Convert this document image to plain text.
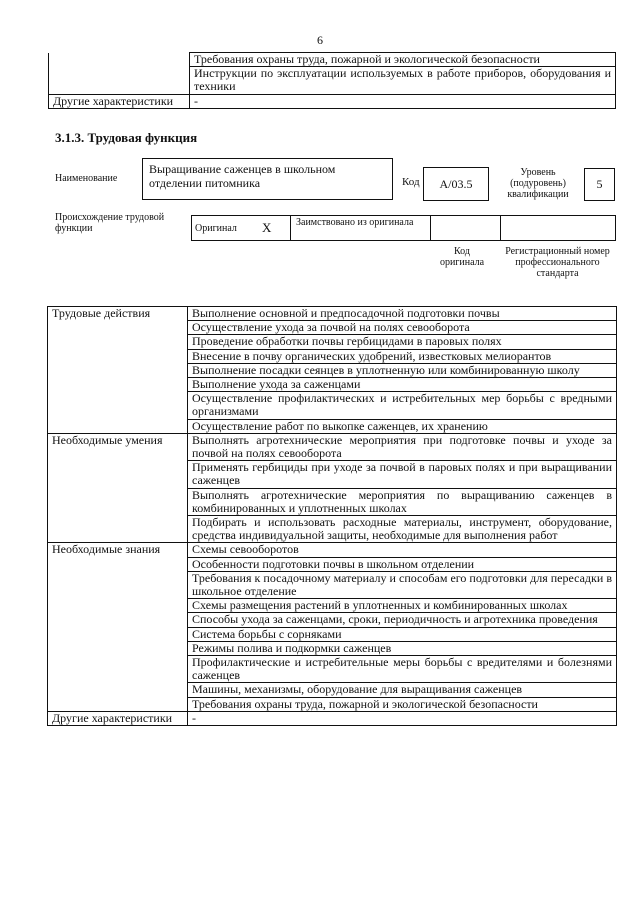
6
	Требования охраны труда, пожарной и экологической безопасности
	Инструкции по эксплуатации используемых в работе приборов, оборудования и техники
Другие характеристики	-
3.1.3. Трудовая функция
Наименование
Выращивание саженцев в школьном отделении питомника	Код	A/03.5
Уровень (подуровень) квалификации
5
Происхождение трудовой функции	Оригинал X Заимствовано из оригинала
Код оригинала
Регистрационный номер профессионального стандарта
Трудовые действия	Выполнение основной и предпосадочной подготовки почвы
	Осуществление ухода за почвой на полях севооборота
	Проведение обработки почвы гербицидами в паровых полях
	Внесение в почву органических удобрений, известковых мелиорантов
	Выполнение посадки сеянцев в уплотненную или комбинированную школу
	Выполнение ухода за саженцами
	Осуществление профилактических и истребительных мер борьбы с вредными организмами
	Осуществление работ по выкопке саженцев, их хранению
Необходимые умения	Выполнять агротехнические мероприятия при подготовке почвы и уходе за почвой на полях севооборота
	Применять гербициды при уходе за почвой в паровых полях и при выращивании саженцев
	Выполнять агротехнические мероприятия по выращиванию саженцев в комбинированных и уплотненных школах
	Подбирать и использовать расходные материалы, инструмент, оборудование, средства индивидуальной защиты, необходимые для выполнения работ
Необходимые знания	Схемы севооборотов
	Особенности подготовки почвы в школьном отделении
	Требования к посадочному материалу и способам его подготовки для пересадки в школьное отделение
	Схемы размещения растений в уплотненных и комбинированных школах
	Способы ухода за саженцами, сроки, периодичность и агротехника проведения
	Система борьбы с сорняками
	Режимы полива и подкормки саженцев
	Профилактические и истребительные меры борьбы с вредителями и болезнями саженцев
	Машины, механизмы, оборудование для выращивания саженцев
	Требования охраны труда, пожарной и экологической безопасности
Другие характеристики	-
